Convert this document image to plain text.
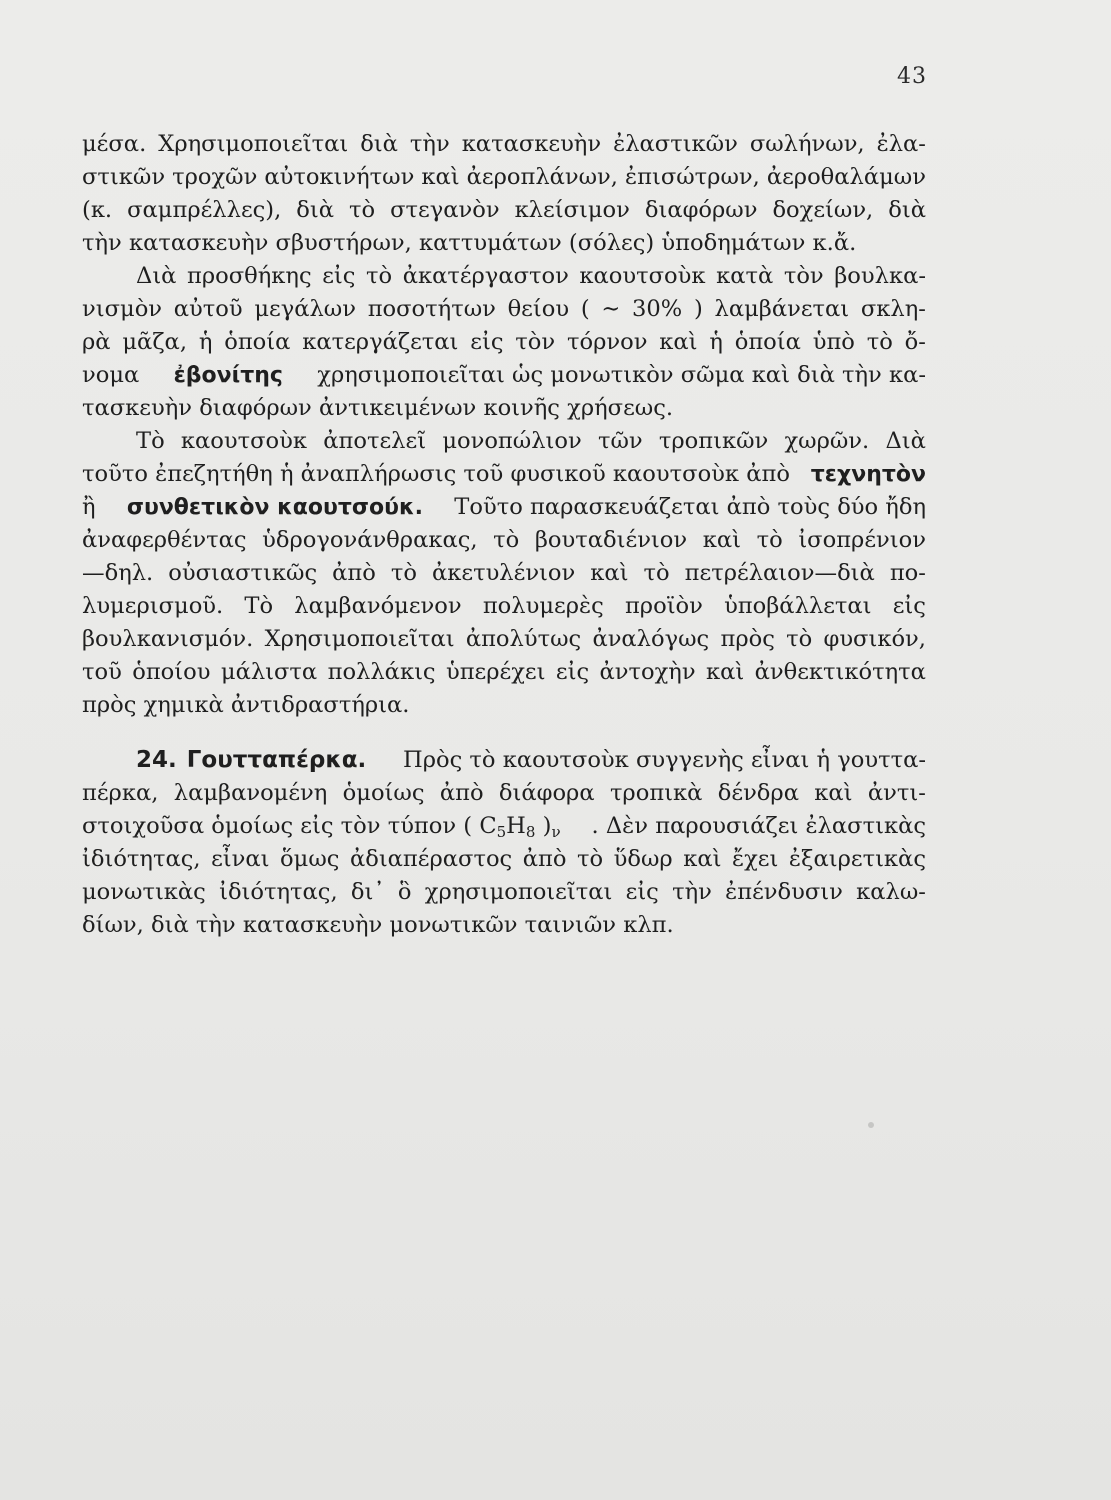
43
μέσα. Χρησιμοποιεῖται διὰ τὴν κατασκευὴν ἐλαστικῶν σωλήνων, ἐλα-
στικῶν τροχῶν αὐτοκινήτων καὶ ἀεροπλάνων, ἐπισώτρων, ἀεροθαλάμων
(κ. σαμπρέλλες), διὰ τὸ στεγανὸν κλείσιμον διαφόρων δοχείων, διὰ
τὴν κατασκευὴν σβυστήρων, καττυμάτων (σόλες) ὑποδημάτων κ.ἄ.
Διὰ προσθήκης εἰς τὸ ἀκατέργαστον καουτσοὺκ κατὰ τὸν βουλκα-
νισμὸν αὐτοῦ μεγάλων ποσοτήτων θείου ( ∼ 30% ) λαμβάνεται σκλη-
ρὰ μᾶζα, ἡ ὁποία κατεργάζεται εἰς τὸν τόρνον καὶ ἡ ὁποία ὑπὸ τὸ ὄ-
νομα ἐβονίτης χρησιμοποιεῖται ὡς μονωτικὸν σῶμα καὶ διὰ τὴν κα-
τασκευὴν διαφόρων ἀντικειμένων κοινῆς χρήσεως.
Τὸ καουτσοὺκ ἀποτελεῖ μονοπώλιον τῶν τροπικῶν χωρῶν. Διὰ
τοῦτο ἐπεζητήθη ἡ ἀναπλήρωσις τοῦ φυσικοῦ καουτσοὺκ ἀπὸ τεχνητὸν
ἢ συνθετικὸν καουτσούκ. Τοῦτο παρασκευάζεται ἀπὸ τοὺς δύο ἤδη
ἀναφερθέντας ὑδρογονάνθρακας, τὸ βουταδιένιον καὶ τὸ ἰσοπρένιον
—δηλ. οὐσιαστικῶς ἀπὸ τὸ ἀκετυλένιον καὶ τὸ πετρέλαιον—διὰ πο-
λυμερισμοῦ. Τὸ λαμβανόμενον πολυμερὲς προϊὸν ὑποβάλλεται εἰς
βουλκανισμόν. Χρησιμοποιεῖται ἀπολύτως ἀναλόγως πρὸς τὸ φυσικόν,
τοῦ ὁποίου μάλιστα πολλάκις ὑπερέχει εἰς ἀντοχὴν καὶ ἀνθεκτικότητα
πρὸς χημικὰ ἀντιδραστήρια.
24. Γουτταπέρκα.	Πρὸς τὸ καουτσοὺκ συγγενὴς εἶναι ἡ γουττα-
πέρκα, λαμβανομένη ὁμοίως ἀπὸ διάφορα τροπικὰ δένδρα καὶ ἀντι-
στοιχοῦσα ὁμοίως εἰς τὸν τύπον ( $C_5H_8$ )$_\nu$ . Δὲν παρουσιάζει ἐλαστικὰς
ἰδιότητας, εἶναι ὅμως ἀδιαπέραστος ἀπὸ τὸ ὕδωρ καὶ ἔχει ἐξαιρετικὰς
μονωτικὰς ἰδιότητας, δι᾿ ὃ χρησιμοποιεῖται εἰς τὴν ἐπένδυσιν καλω-
δίων, διὰ τὴν κατασκευὴν μονωτικῶν ταινιῶν κλπ.
